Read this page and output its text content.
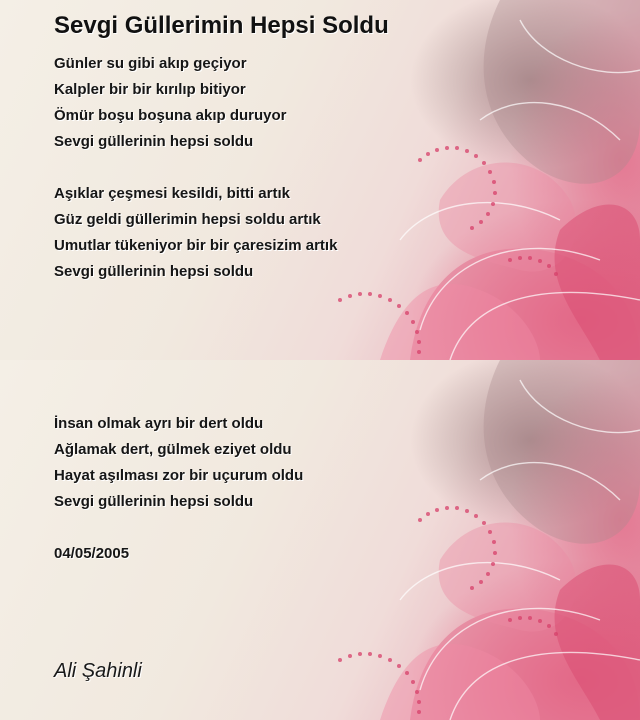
Sevgi Güllerimin Hepsi Soldu
Günler su gibi akıp geçiyor
Kalpler bir bir kırılıp bitiyor
Ömür boşu boşuna akıp duruyor
Sevgi güllerinin hepsi soldu
Aşıklar çeşmesi kesildi, bitti artık
Güz geldi güllerimin hepsi soldu artık
Umutlar tükeniyor bir bir çaresizim artık
Sevgi güllerinin hepsi soldu
İnsan olmak ayrı bir dert oldu
Ağlamak dert, gülmek eziyet oldu
Hayat aşılması zor bir uçurum oldu
Sevgi güllerinin hepsi soldu
04/05/2005
Ali Şahinli
